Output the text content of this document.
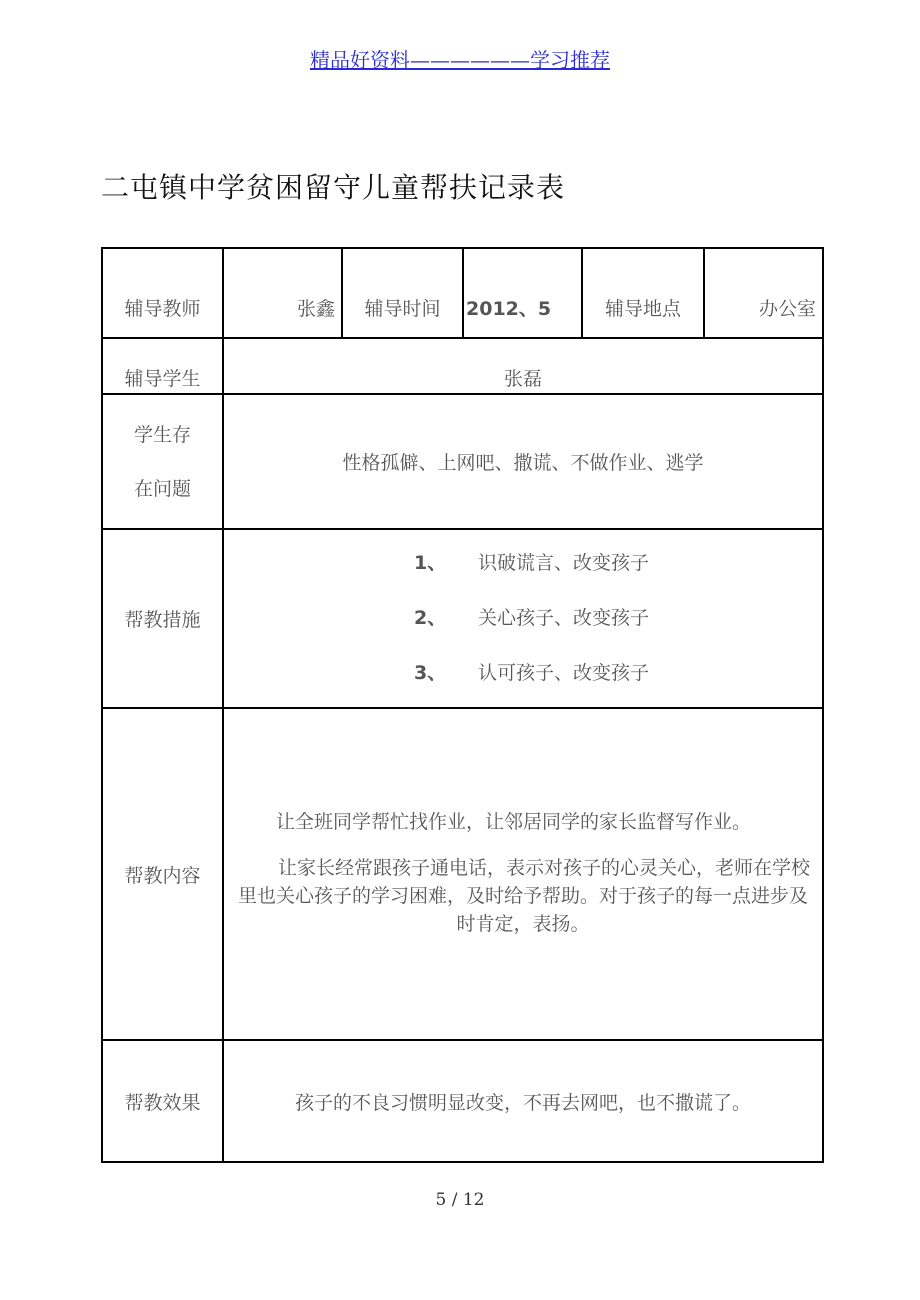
精品好资料——————学习推荐
二屯镇中学贫困留守儿童帮扶记录表
辅导教师	张鑫	辅导时间	2012、5	辅导地点	办公室
辅导学生	张磊				

学生存
在问题	性格孤僻、上网吧、撒谎、不做作业、逃学				
帮教措施	1、 识破谎言、改变孩子
2、 关心孩子、改变孩子
3、 认可孩子、改变孩子				

帮教内容	让全班同学帮忙找作业，让邻居同学的家长监督写作业。

让家长经常跟孩子通电话，表示对孩子的心灵关心，老师在学校里也关心孩子的学习困难，及时给予帮助。对于孩子的每一点进步及时肯定，表扬。				

帮教效果	孩子的不良习惯明显改变，不再去网吧，也不撒谎了。				
5 / 12
